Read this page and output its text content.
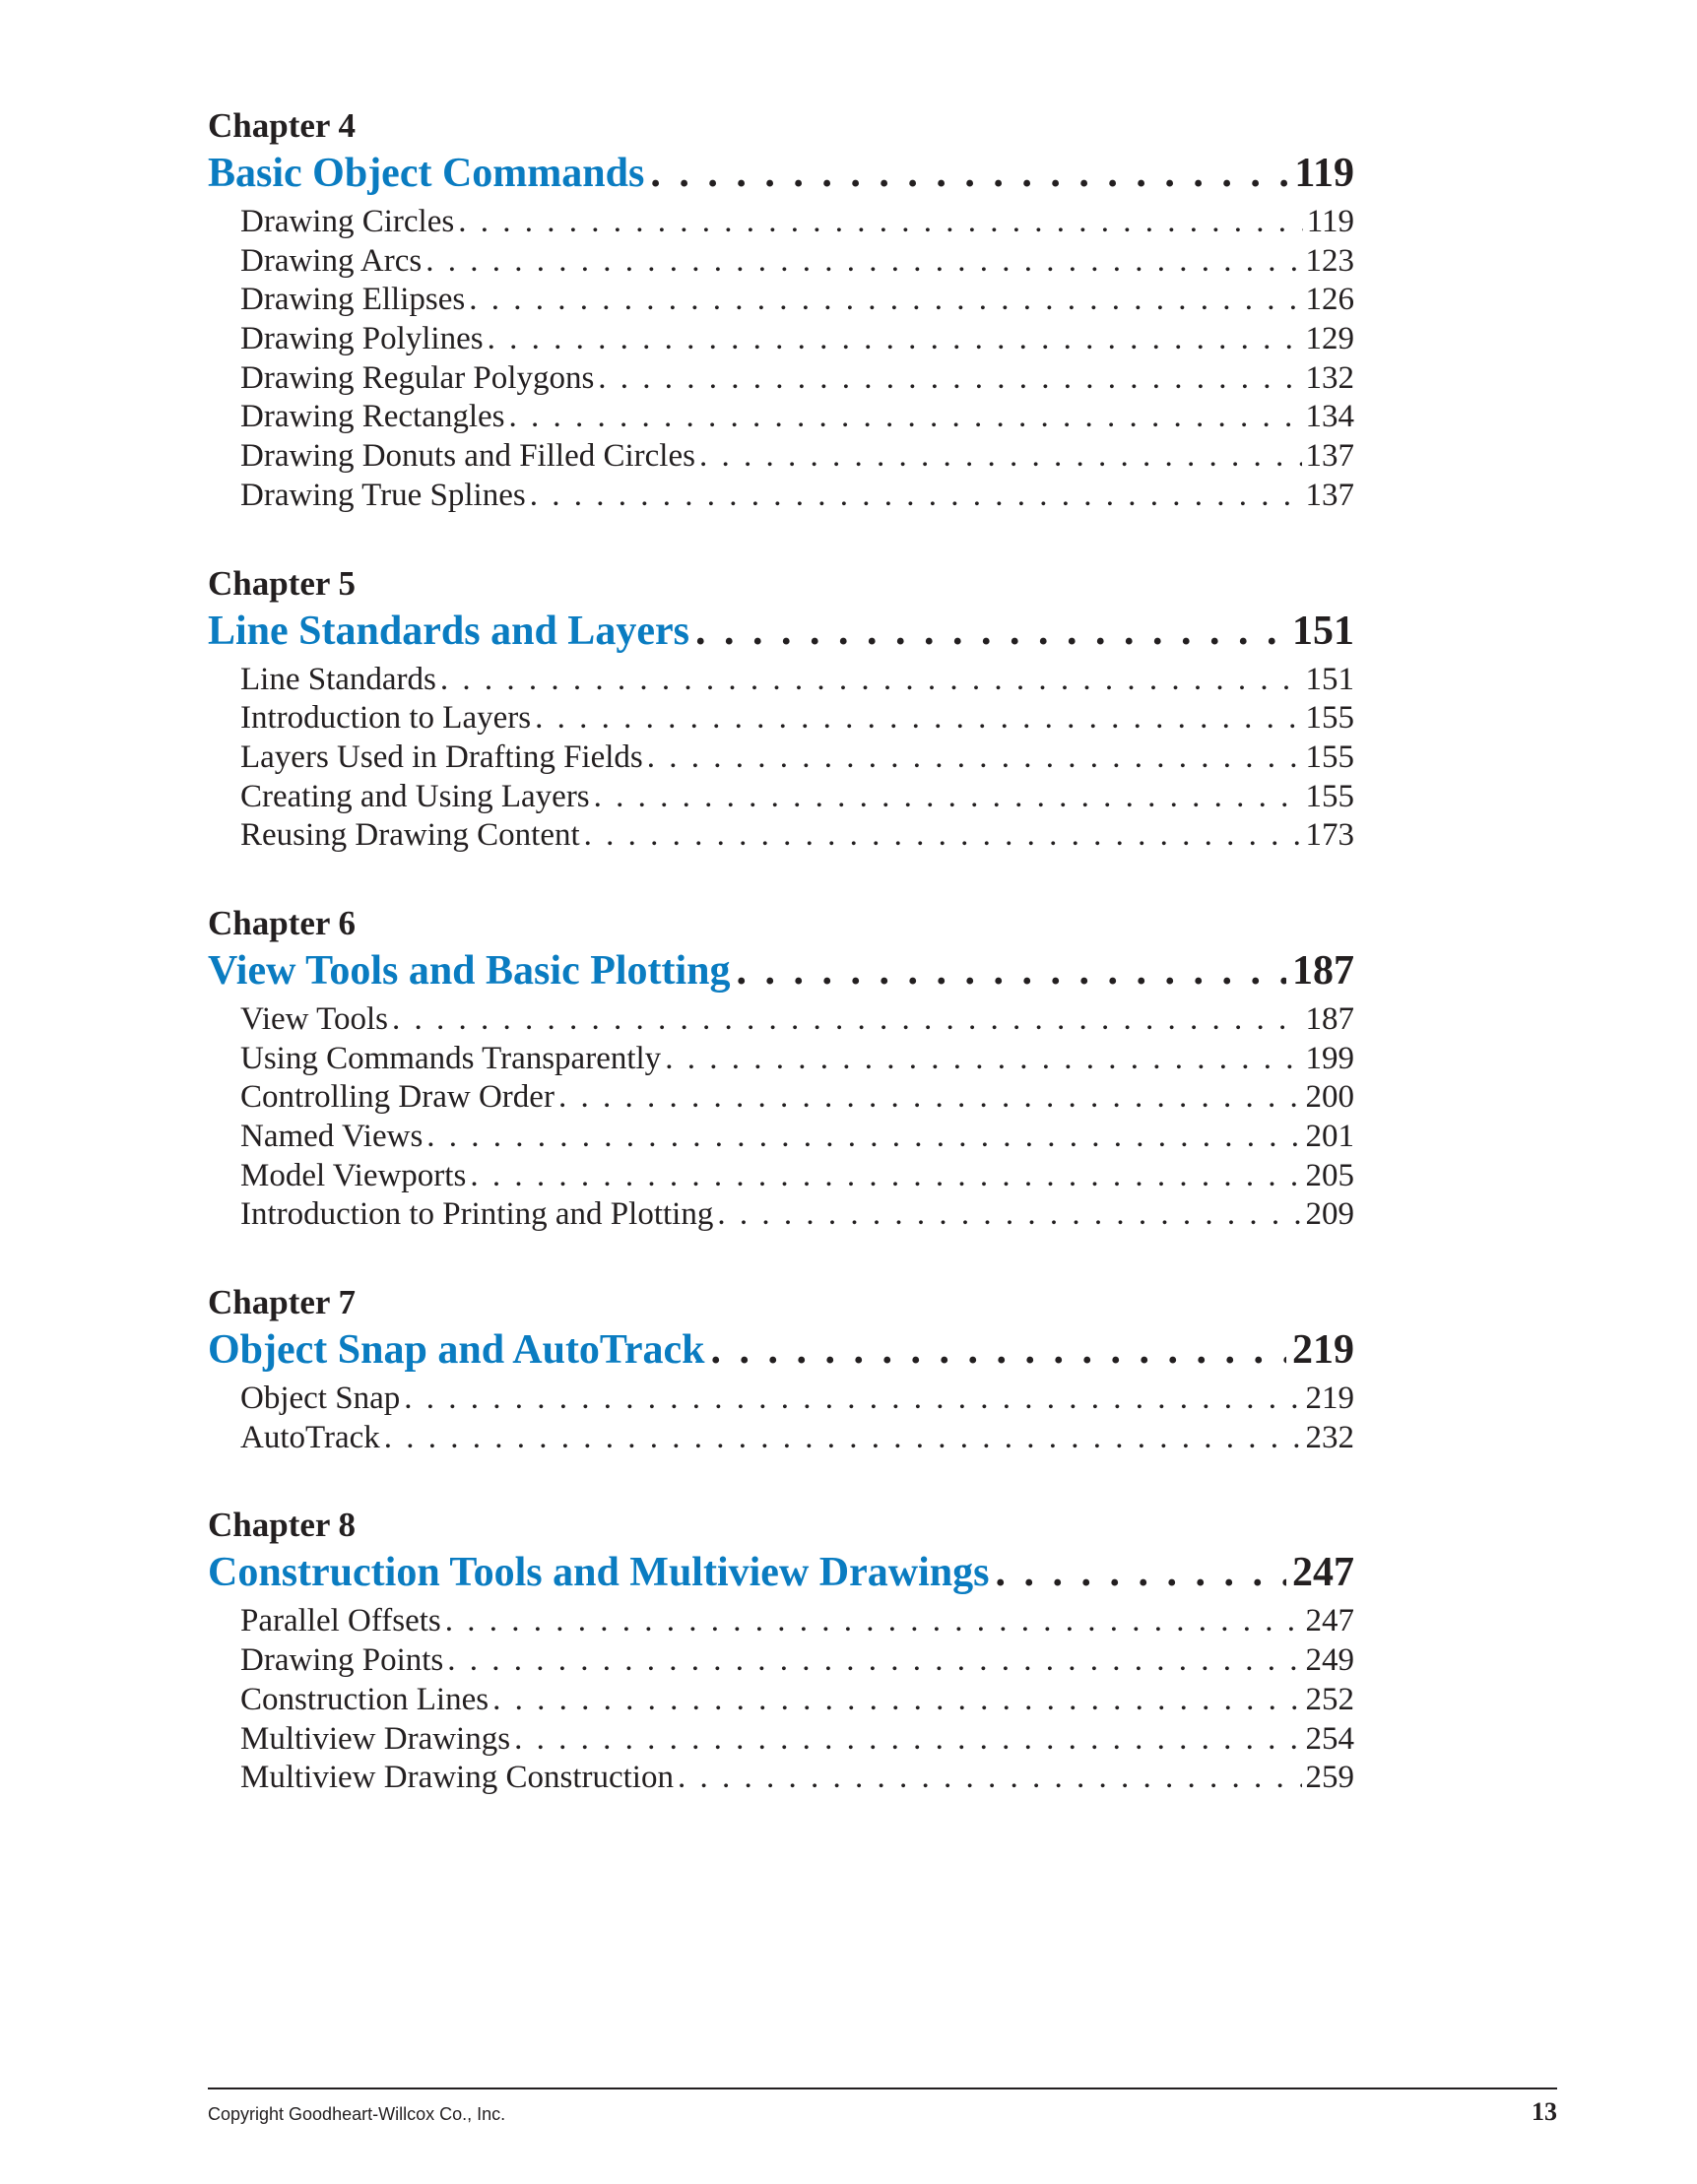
Chapter 4
Basic Object Commands . . .	119
Drawing Circles . . .	119
Drawing Arcs . . .	123
Drawing Ellipses . . .	126
Drawing Polylines . . .	129
Drawing Regular Polygons . . .	132
Drawing Rectangles . . .	134
Drawing Donuts and Filled Circles . . .	137
Drawing True Splines . . .	137
Chapter 5
Line Standards and Layers . . .	151
Line Standards . . .	151
Introduction to Layers . . .	155
Layers Used in Drafting Fields . . .	155
Creating and Using Layers . . .	155
Reusing Drawing Content . . .	173
Chapter 6
View Tools and Basic Plotting . . .	187
View Tools . . .	187
Using Commands Transparently . . .	199
Controlling Draw Order . . .	200
Named Views . . .	201
Model Viewports . . .	205
Introduction to Printing and Plotting . . .	209
Chapter 7
Object Snap and AutoTrack . . .	219
Object Snap . . .	219
AutoTrack . . .	232
Chapter 8
Construction Tools and Multiview Drawings . . .	247
Parallel Offsets . . .	247
Drawing Points . . .	249
Construction Lines . . .	252
Multiview Drawings . . .	254
Multiview Drawing Construction . . .	259
Copyright Goodheart-Willcox Co., Inc.	13
